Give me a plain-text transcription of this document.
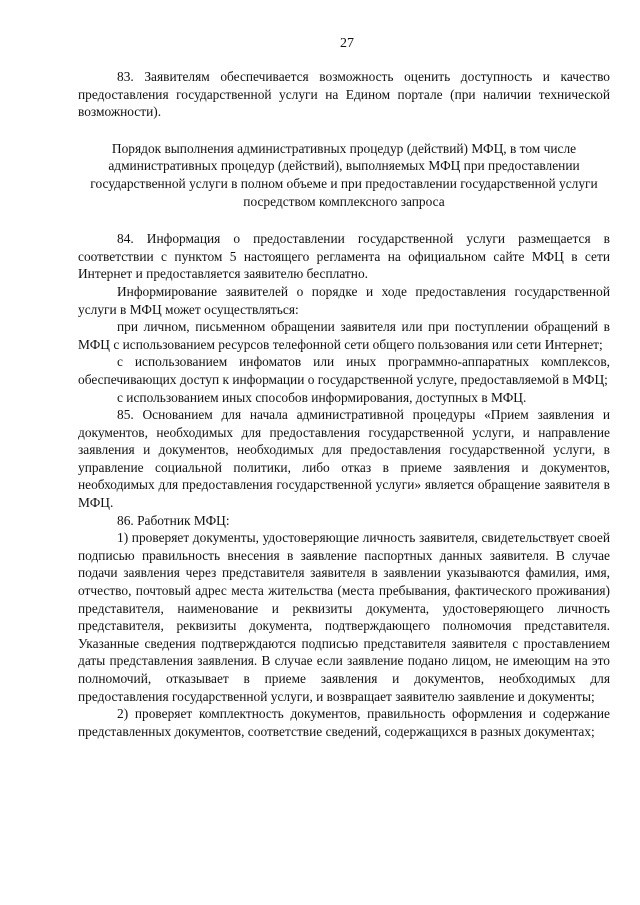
27

83. Заявителям обеспечивается возможность оценить доступность и качество предоставления государственной услуги на Едином портале (при наличии технической возможности).

Порядок выполнения административных процедур (действий) МФЦ, в том числе административных процедур (действий), выполняемых МФЦ при предоставлении государственной услуги в полном объеме и при предоставлении государственной услуги посредством комплексного запроса

84. Информация о предоставлении государственной услуги размещается в соответствии с пунктом 5 настоящего регламента на официальном сайте МФЦ в сети Интернет и предоставляется заявителю бесплатно.

Информирование заявителей о порядке и ходе предоставления государственной услуги в МФЦ может осуществляться:

при личном, письменном обращении заявителя или при поступлении обращений в МФЦ с использованием ресурсов телефонной сети общего пользования или сети Интернет;

с использованием инфоматов или иных программно-аппаратных комплексов, обеспечивающих доступ к информации о государственной услуге, предоставляемой в МФЦ;

с использованием иных способов информирования, доступных в МФЦ.

85. Основанием для начала административной процедуры «Прием заявления и документов, необходимых для предоставления государственной услуги, и направление заявления и документов, необходимых для предоставления государственной услуги, в управление социальной политики, либо отказ в приеме заявления и документов, необходимых для предоставления государственной услуги» является обращение заявителя в МФЦ.

86. Работник МФЦ:

1) проверяет документы, удостоверяющие личность заявителя, свидетельствует своей подписью правильность внесения в заявление паспортных данных заявителя. В случае подачи заявления через представителя заявителя в заявлении указываются фамилия, имя, отчество, почтовый адрес места жительства (места пребывания, фактического проживания) представителя, наименование и реквизиты документа, удостоверяющего личность представителя, реквизиты документа, подтверждающего полномочия представителя. Указанные сведения подтверждаются подписью представителя заявителя с проставлением даты представления заявления. В случае если заявление подано лицом, не имеющим на это полномочий, отказывает в приеме заявления и документов, необходимых для предоставления государственной услуги, и возвращает заявителю заявление и документы;

2) проверяет комплектность документов, правильность оформления и содержание представленных документов, соответствие сведений, содержащихся в разных документах;
